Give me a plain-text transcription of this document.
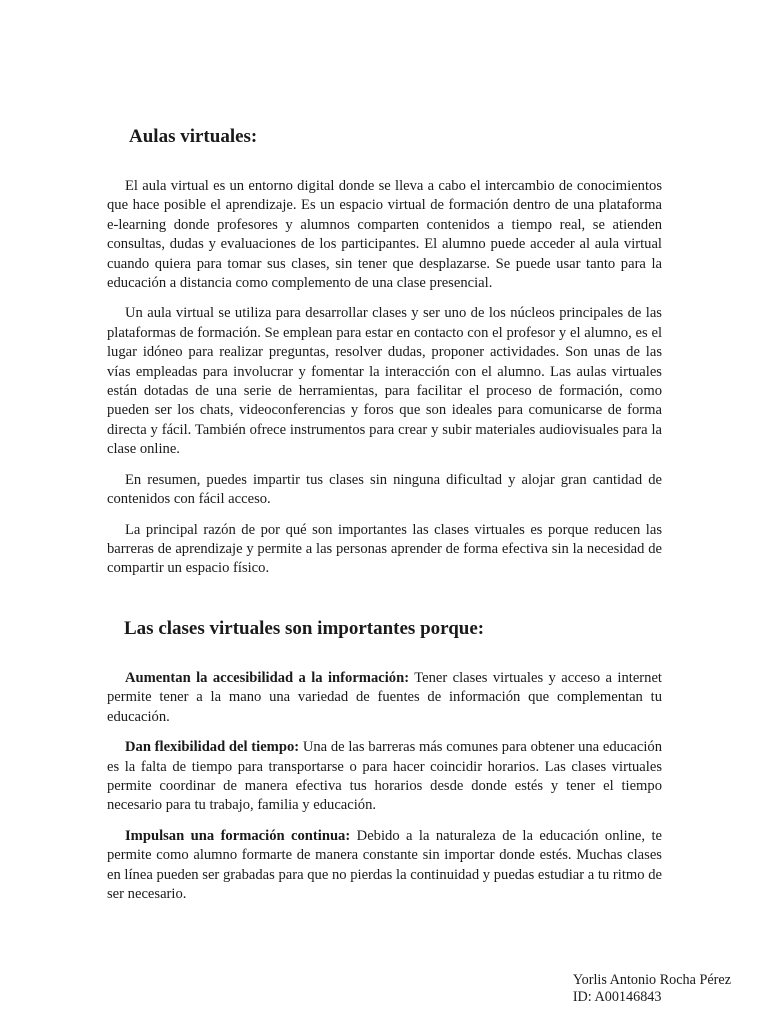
Aulas virtuales:

El aula virtual es un entorno digital donde se lleva a cabo el intercambio de conocimientos que hace posible el aprendizaje. Es un espacio virtual de formación dentro de una plataforma e-learning donde profesores y alumnos comparten contenidos a tiempo real, se atienden consultas, dudas y evaluaciones de los participantes. El alumno puede acceder al aula virtual cuando quiera para tomar sus clases, sin tener que desplazarse. Se puede usar tanto para la educación a distancia como complemento de una clase presencial.

Un aula virtual se utiliza para desarrollar clases y ser uno de los núcleos principales de las plataformas de formación. Se emplean para estar en contacto con el profesor y el alumno, es el lugar idóneo para realizar preguntas, resolver dudas, proponer actividades. Son unas de las vías empleadas para involucrar y fomentar la interacción con el alumno. Las aulas virtuales están dotadas de una serie de herramientas, para facilitar el proceso de formación, como pueden ser los chats, videoconferencias y foros que son ideales para comunicarse de forma directa y fácil. También ofrece instrumentos para crear y subir materiales audiovisuales para la clase online.

En resumen, puedes impartir tus clases sin ninguna dificultad y alojar gran cantidad de contenidos con fácil acceso.

La principal razón de por qué son importantes las clases virtuales es porque reducen las barreras de aprendizaje y permite a las personas aprender de forma efectiva sin la necesidad de compartir un espacio físico.

Las clases virtuales son importantes porque:

Aumentan la accesibilidad a la información: Tener clases virtuales y acceso a internet permite tener a la mano una variedad de fuentes de información que complementan tu educación.

Dan flexibilidad del tiempo: Una de las barreras más comunes para obtener una educación es la falta de tiempo para transportarse o para hacer coincidir horarios. Las clases virtuales permite coordinar de manera efectiva tus horarios desde donde estés y tener el tiempo necesario para tu trabajo, familia y educación.

Impulsan una formación continua: Debido a la naturaleza de la educación online, te permite como alumno formarte de manera constante sin importar donde estés. Muchas clases en línea pueden ser grabadas para que no pierdas la continuidad y puedas estudiar a tu ritmo de ser necesario.

Yorlis Antonio Rocha Pérez
ID: A00146843
